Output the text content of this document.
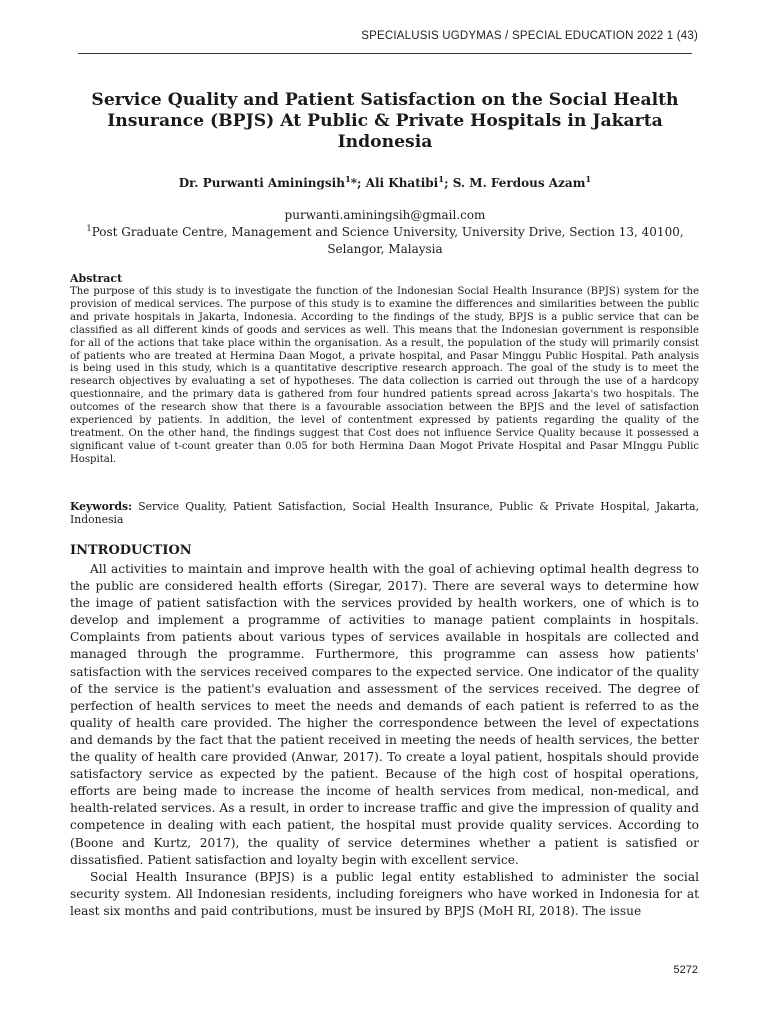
SPECIALUSIS UGDYMAS / SPECIAL EDUCATION 2022 1 (43)
Service Quality and Patient Satisfaction on the Social Health Insurance (BPJS) At Public & Private Hospitals in Jakarta Indonesia
Dr. Purwanti Aminingsih$^1$*; Ali Khatibi$^1$; S. M. Ferdous Azam$^1$
purwanti.aminingsih@gmail.com
$^1$Post Graduate Centre, Management and Science University, University Drive, Section 13, 40100,
Selangor, Malaysia
Abstract

The purpose of this study is to investigate the function of the Indonesian Social Health Insurance (BPJS) system for the provision of medical services. The purpose of this study is to examine the differences and similarities between the public and private hospitals in Jakarta, Indonesia. According to the findings of the study, BPJS is a public service that can be classified as all different kinds of goods and services as well. This means that the Indonesian government is responsible for all of the actions that take place within the organisation. As a result, the population of the study will primarily consist of patients who are treated at Hermina Daan Mogot, a private hospital, and Pasar Minggu Public Hospital. Path analysis is being used in this study, which is a quantitative descriptive research approach. The goal of the study is to meet the research objectives by evaluating a set of hypotheses. The data collection is carried out through the use of a hardcopy questionnaire, and the primary data is gathered from four hundred patients spread across Jakarta's two hospitals. The outcomes of the research show that there is a favourable association between the BPJS and the level of satisfaction experienced by patients. In addition, the level of contentment expressed by patients regarding the quality of the treatment. On the other hand, the findings suggest that Cost does not influence Service Quality because it possessed a significant value of t-count greater than 0.05 for both Hermina Daan Mogot Private Hospital and Pasar MInggu Public Hospital.

Keywords: Service Quality, Patient Satisfaction, Social Health Insurance, Public & Private Hospital, Jakarta, Indonesia

INTRODUCTION

All activities to maintain and improve health with the goal of achieving optimal health degress to the public are considered health efforts (Siregar, 2017). There are several ways to determine how the image of patient satisfaction with the services provided by health workers, one of which is to develop and implement a programme of activities to manage patient complaints in hospitals. Complaints from patients about various types of services available in hospitals are collected and managed through the programme. Furthermore, this programme can assess how patients' satisfaction with the services received compares to the expected service. One indicator of the quality of the service is the patient's evaluation and assessment of the services received. The degree of perfection of health services to meet the needs and demands of each patient is referred to as the quality of health care provided. The higher the correspondence between the level of expectations and demands by the fact that the patient received in meeting the needs of health services, the better the quality of health care provided (Anwar, 2017). To create a loyal patient, hospitals should provide satisfactory service as expected by the patient. Because of the high cost of hospital operations, efforts are being made to increase the income of health services from medical, non-medical, and health-related services. As a result, in order to increase traffic and give the impression of quality and competence in dealing with each patient, the hospital must provide quality services. According to (Boone and Kurtz, 2017), the quality of service determines whether a patient is satisfied or dissatisfied. Patient satisfaction and loyalty begin with excellent service.

Social Health Insurance (BPJS) is a public legal entity established to administer the social security system. All Indonesian residents, including foreigners who have worked in Indonesia for at least six months and paid contributions, must be insured by BPJS (MoH RI, 2018). The issue

5272
